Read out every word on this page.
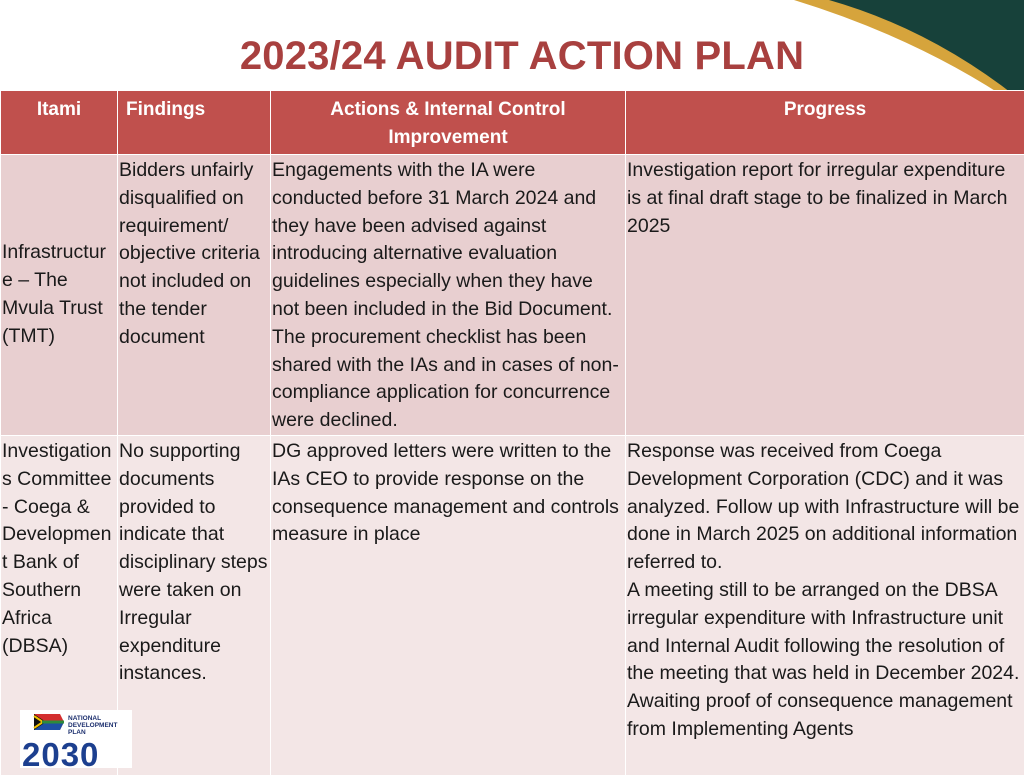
2023/24 AUDIT ACTION PLAN
Itami	Findings	Actions & Internal Control Improvement	Progress
Infrastructure – The Mvula Trust (TMT)	Bidders unfairly disqualified on requirement/ objective criteria not included on the tender document	Engagements with the IA were conducted before 31 March 2024 and they have been advised against introducing alternative evaluation guidelines especially when they have not been included in the Bid Document. The procurement checklist has been shared with the IAs and in cases of non-compliance application for concurrence were declined.	Investigation report for irregular expenditure is at final draft stage to be finalized in March 2025
Investigations Committee - Coega & Development Bank of Southern Africa (DBSA)	No supporting documents provided to indicate that disciplinary steps were taken on Irregular expenditure instances.	DG approved letters were written to the IAs CEO to provide response on the consequence management and controls measure in place	Response was received from Coega Development Corporation (CDC) and it was analyzed. Follow up with Infrastructure will be done in March 2025 on additional information referred to.
A meeting still to be arranged on the DBSA irregular expenditure with Infrastructure unit and Internal Audit following the resolution of the meeting that was held in December 2024. Awaiting proof of consequence management from Implementing Agents
NATIONAL
DEVELOPMENT
PLAN
2030
